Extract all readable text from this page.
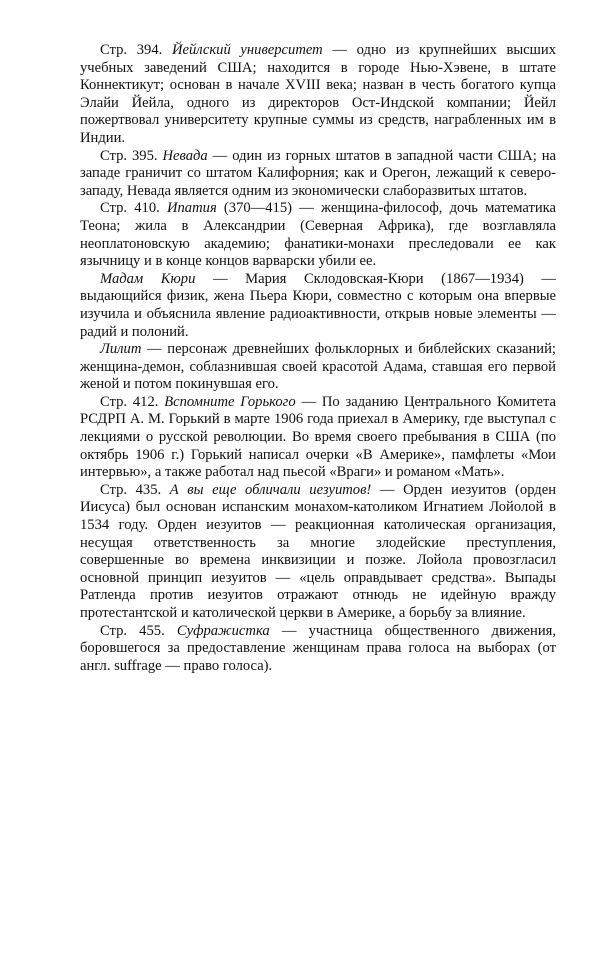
Стр. 394. Йейлский университет — одно из крупнейших высших учебных заведений США; находится в городе Нью-Хэвене, в штате Коннектикут; основан в начале XVIII века; назван в честь богатого купца Элайи Йейла, одного из директоров Ост-Индской компании; Йейл пожертвовал университету крупные суммы из средств, награбленных им в Индии.

Стр. 395. Невада — один из горных штатов в западной части США; на западе граничит со штатом Калифорния; как и Орегон, лежащий к северо-западу, Невада является одним из экономически слаборазвитых штатов.

Стр. 410. Ипатия (370—415) — женщина-философ, дочь математика Теона; жила в Александрии (Северная Африка), где возглавляла неоплатоновскую академию; фанатики-монахи преследовали ее как язычницу и в конце концов варварски убили ее.

Мадам Кюри — Мария Склодовская-Кюри (1867—1934) — выдающийся физик, жена Пьера Кюри, совместно с которым она впервые изучила и объяснила явление радиоактивности, открыв новые элементы — радий и полоний.

Лилит — персонаж древнейших фольклорных и библейских сказаний; женщина-демон, соблазнившая своей красотой Адама, ставшая его первой женой и потом покинувшая его.

Стр. 412. Вспомните Горького — По заданию Центрального Комитета РСДРП А. М. Горький в марте 1906 года приехал в Америку, где выступал с лекциями о русской революции. Во время своего пребывания в США (по октябрь 1906 г.) Горький написал очерки «В Америке», памфлеты «Мои интервью», а также работал над пьесой «Враги» и романом «Мать».

Стр. 435. А вы еще обличали иезуитов! — Орден иезуитов (орден Иисуса) был основан испанским монахом-католиком Игнатием Лойолой в 1534 году. Орден иезуитов — реакционная католическая организация, несущая ответственность за многие злодейские преступления, совершенные во времена инквизиции и позже. Лойола провозгласил основной принцип иезуитов — «цель оправдывает средства». Выпады Ратленда против иезуитов отражают отнюдь не идейную вражду протестантской и католической церкви в Америке, а борьбу за влияние.

Стр. 455. Суфражистка — участница общественного движения, боровшегося за предоставление женщинам права голоса на выборах (от англ. suffrage — право голоса).
